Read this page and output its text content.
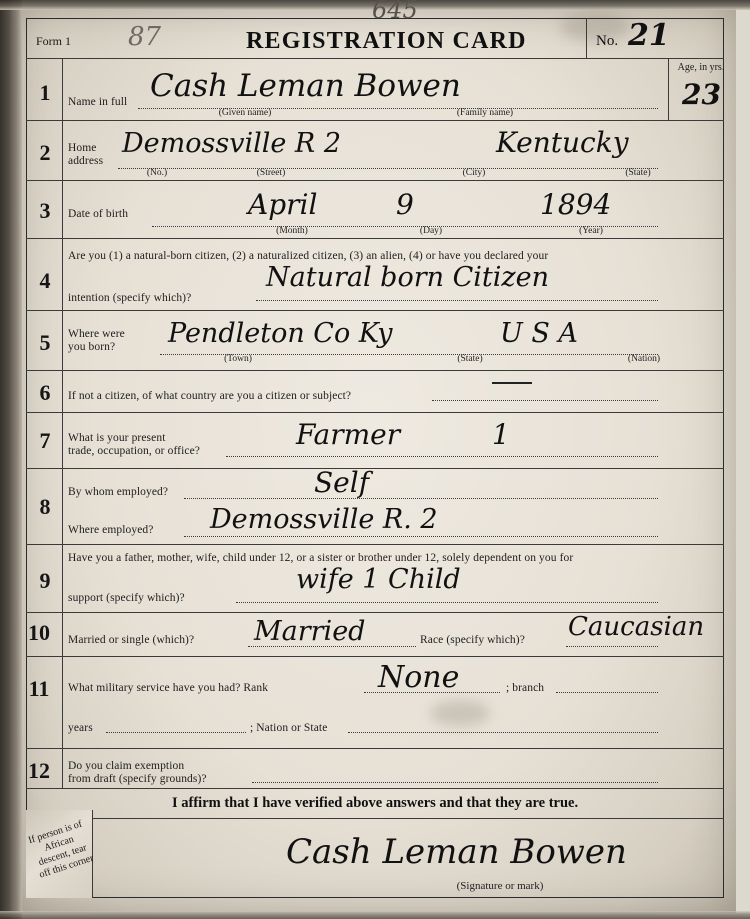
Form 1 87
645
REGISTRATION CARD	No. 21
Age, in yrs.
23
1	Name in full Cash Leman Bowen
(Given name)	(Family name)
2	Home
address
Demossville R 2	Kentucky
(No.)	(Street)	(City)	(State)
3	Date of birth	April	9	1894
(Month)	(Day)	(Year)
4
Are you (1) a natural-born citizen, (2) a naturalized citizen, (3) an alien, (4) or have you declared your
intention (specify which)?
Natural born Citizen
5	Where were
you born? Pendleton Co Ky	U S A
(Town)	(State)	(Nation)
6	If not a citizen, of what country are you a citizen or subject?
7	What is your present
trade, occupation, or office?	Farmer	1
8
By whom employed?	Self
Where employed? Demossville R. 2
9
Have you a father, mother, wife, child under 12, or a sister or brother under 12, solely dependent on you for
support (specify which)?
wife 1 Child
10	Married or single (which)? Married	Race (specify which)? Caucasian
11	What military service have you had? Rank	None	; branch
years	; Nation or State
12	Do you claim exemption
from draft (specify grounds)?
I affirm that I have verified above answers and that they are true.
Cash Leman Bowen
(Signature or mark)
If person is of African descent, tear off this corner
